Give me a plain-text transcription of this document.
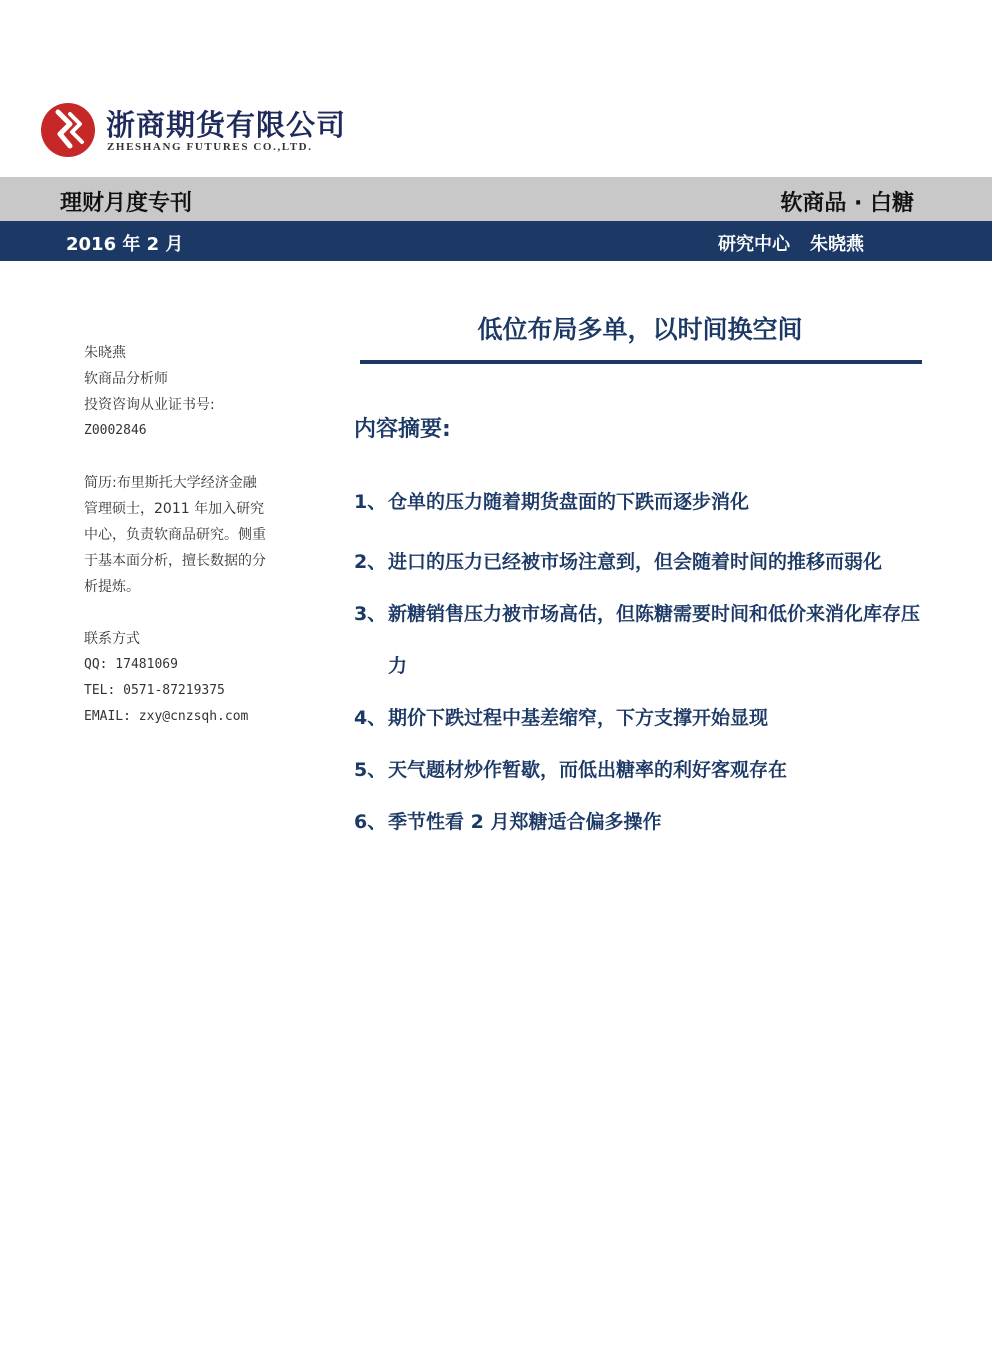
浙商期货有限公司
ZHESHANG FUTURES CO.,LTD.
理财月度专刊	软商品 · 白糖
2016 年 2 月	研究中心 朱晓燕
朱晓燕
软商品分析师
投资咨询从业证书号:
Z0002846
简历:布里斯托大学经济金融
管理硕士，2011 年加入研究
中心，负责软商品研究。侧重
于基本面分析，擅长数据的分
析提炼。
联系方式
QQ: 17481069
TEL: 0571-87219375
EMAIL: zxy@cnzsqh.com
低位布局多单，以时间换空间
内容摘要:
1、 仓单的压力随着期货盘面的下跌而逐步消化
2、 进口的压力已经被市场注意到，但会随着时间的推移而弱化
3、 新糖销售压力被市场高估，但陈糖需要时间和低价来消化库存压力
4、 期价下跌过程中基差缩窄，下方支撑开始显现
5、 天气题材炒作暂歇，而低出糖率的利好客观存在
6、 季节性看 2 月郑糖适合偏多操作
